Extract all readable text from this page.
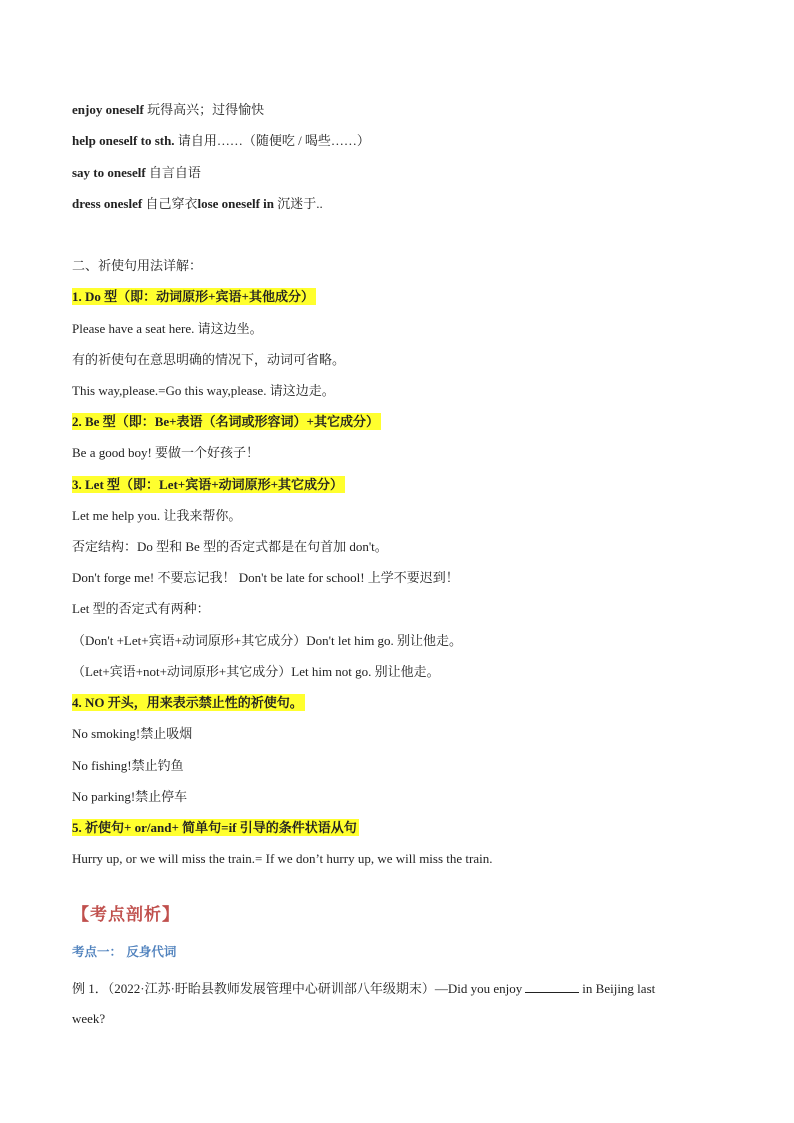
enjoy oneself 玩得高兴；过得愉快
help oneself to sth. 请自用……（随便吃 / 喝些……）
say to oneself 自言自语
dress oneslef 自己穿衣lose oneself in 沉迷于..
二、祈使句用法详解：
1. Do 型（即：动词原形+宾语+其他成分）
Please have a seat here. 请这边坐。
有的祈使句在意思明确的情况下，动词可省略。
This way,please.=Go this way,please. 请这边走。
2. Be 型（即：Be+表语（名词或形容词）+其它成分）
Be a good boy! 要做一个好孩子！
3. Let 型（即：Let+宾语+动词原形+其它成分）
Let me help you. 让我来帮你。
否定结构：Do 型和 Be 型的否定式都是在句首加 don't。
Don't forge me! 不要忘记我！ Don't be late for school! 上学不要迟到！
Let 型的否定式有两种：
（Don't +Let+宾语+动词原形+其它成分）Don't let him go. 别让他走。
（Let+宾语+not+动词原形+其它成分）Let him not go. 别让他走。
4. NO 开头，用来表示禁止性的祈使句。
No smoking!禁止吸烟
No fishing!禁止钓鱼
No parking!禁止停车
5. 祈使句+ or/and+ 简单句=if 引导的条件状语从句
Hurry up, or we will miss the train.= If we don’t hurry up, we will miss the train.
【考点剖析】
考点一： 反身代词
例 1．（2022·江苏·盱眙县教师发展管理中心研训部八年级期末）—Did you enjoy	in Beijing last
week?
